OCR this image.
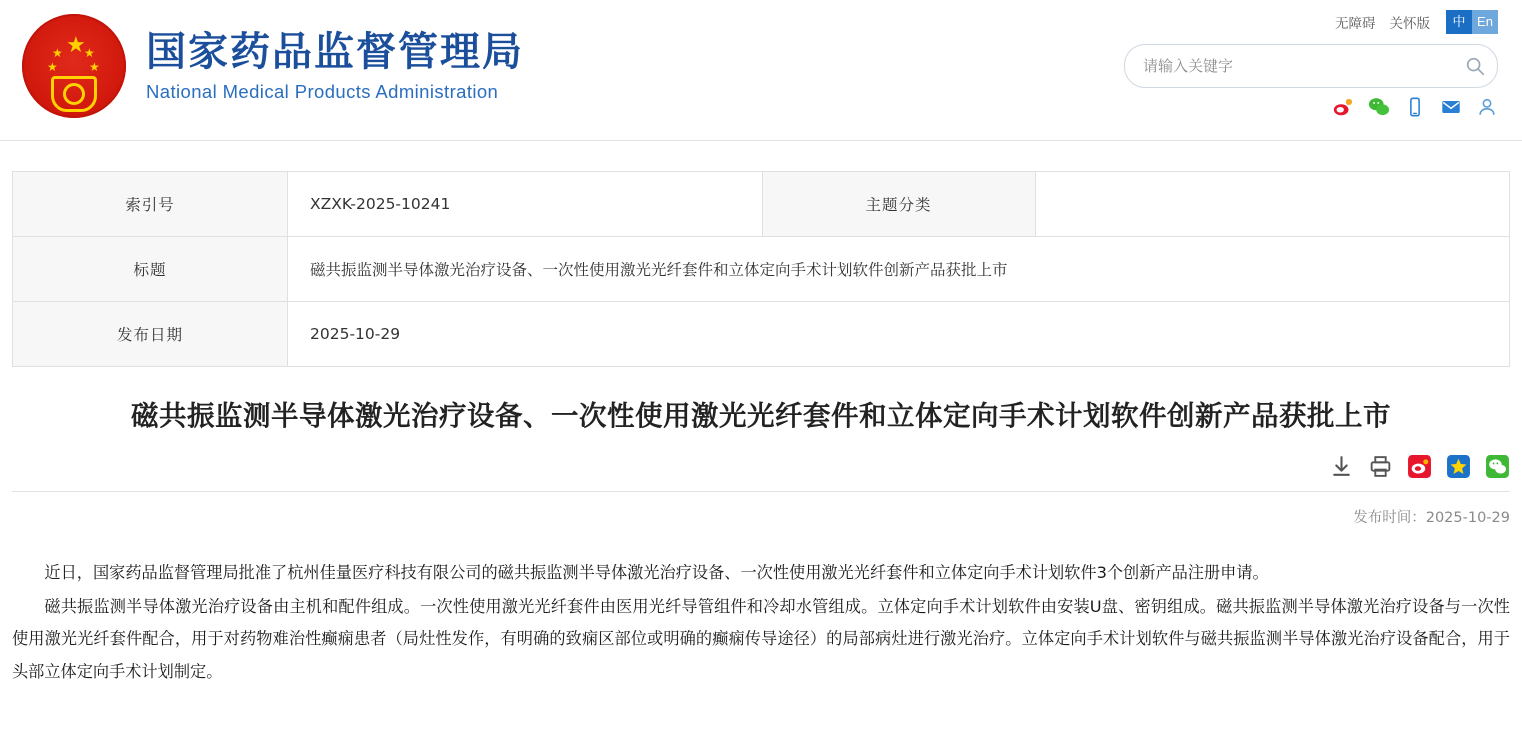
★
★
★
★
★ 国家药品监督管理局
National Medical Products Administration
无障碍 关怀版	中 En
请输入关键字
索引号	XZXK-2025-10241	主题分类	
标题	磁共振监测半导体激光治疗设备、一次性使用激光光纤套件和立体定向手术计划软件创新产品获批上市		
发布日期	2025-10-29		
磁共振监测半导体激光治疗设备、一次性使用激光光纤套件和立体定向手术计划软件创新产品获批上市
发布时间：2025-10-29

近日，国家药品监督管理局批准了杭州佳量医疗科技有限公司的磁共振监测半导体激光治疗设备、一次性使用激光光纤套件和立体定向手术计划软件3个创新产品注册申请。

磁共振监测半导体激光治疗设备由主机和配件组成。一次性使用激光光纤套件由医用光纤导管组件和冷却水管组成。立体定向手术计划软件由安装U盘、密钥组成。磁共振监测半导体激光治疗设备与一次性使用激光光纤套件配合，用于对药物难治性癫痫患者（局灶性发作，有明确的致痫区部位或明确的癫痫传导途径）的局部病灶进行激光治疗。立体定向手术计划软件与磁共振监测半导体激光治疗设备配合，用于头部立体定向手术计划制定。
